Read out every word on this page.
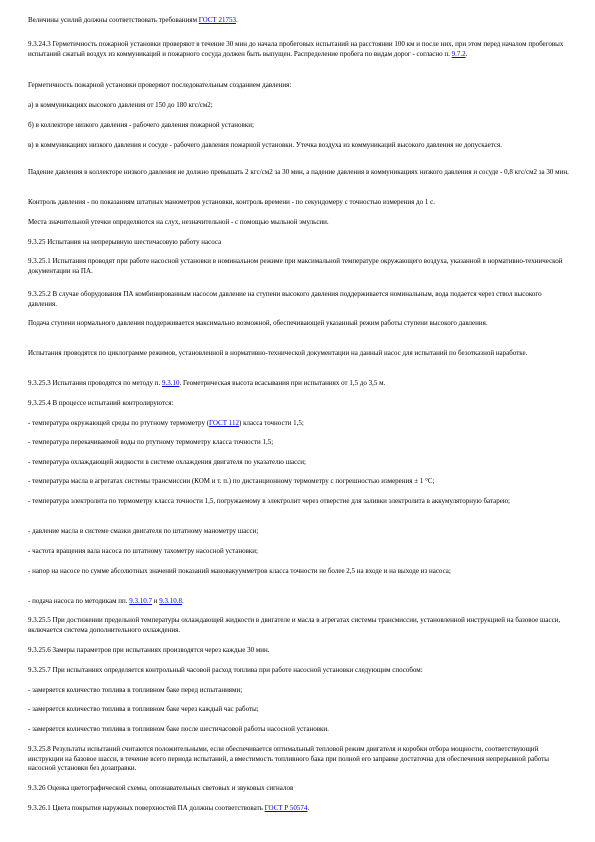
Величины усилий должны соответствовать требованиям ГОСТ 21753.

9.3.24.3 Герметичность пожарной установки проверяют в течение 30 мин до начала пробеговых испытаний на расстоянии 100 км и после них, при этом перед началом пробеговых испытаний сжатый воздух из коммуникаций и пожарного сосуда должен быть выпущен. Распределение пробега по видам дорог - согласно п. 9.7.2.

Герметичность пожарной установки проверяют последовательным созданием давления:

а) в коммуникациях высокого давления от 150 до 180 кгс/см2;

б) в коллекторе низкого давления - рабочего давления пожарной установки;

в) в коммуникациях низкого давления и сосуде - рабочего давления пожарной установки. Утечка воздуха из коммуникаций высокого давления не допускается.

Падение давления в коллекторе низкого давления не должно превышать 2 кгс/см2 за 30 мин, а падение давления в коммуникациях низкого давления и сосуде - 0,8 кгс/см2 за 30 мин.

Контроль давления - по показаниям штатных манометров установки, контроль времени - по секундомеру с точностью измерения до 1 с.

Места значительной утечки определяются на слух, незначительной - с помощью мыльной эмульсии.

9.3.25 Испытания на непрерывную шестичасовую работу насоса

9.3.25.1 Испытания проводят при работе насосной установки в номинальном режиме при максимальной температуре окружающего воздуха, указанной в нормативно-технической документации на ПА.

9.3.25.2 В случае оборудования ПА комбинированным насосом давление на ступени высокого давления поддерживается номинальным, вода подается через ствол высокого давления.

Подача ступени нормального давления поддерживается максимально возможной, обеспечивающей указанный режим работы ступени высокого давления.

Испытания проводятся по циклограмме режимов, установленной в нормативно-технической документации на данный насос для испытаний по безотказной наработке.

9.3.25.3 Испытания проводятся по методу п. 9.3.10. Геометрическая высота всасывания при испытаниях от 1,5 до 3,5 м.

9.3.25.4 В процессе испытаний контролируются:

- температура окружающей среды по ртутному термометру (ГОСТ 112) класса точности 1,5;

- температура перекачиваемой воды по ртутному термометру класса точности 1,5;

- температура охлаждающей жидкости в системе охлаждения двигателя по указателю шасси;

- температура масла в агрегатах системы трансмиссии (КОМ и т. п.) по дистанционному термометру с погрешностью измерения ± 1 °С;

- температура электролита по термометру класса точности 1,5, погружаемому в электролит через отверстие для заливки электролита в аккумуляторную батарею;

- давление масла в системе смазки двигателя по штатному манометру шасси;

- частота вращения вала насоса по штатному тахометру насосной установки;

- напор на насосе по сумме абсолютных значений показаний мановакуумметров класса точности не более 2,5 на входе и на выходе из насоса;

- подача насоса по методикам пп. 9.3.10.7 и 9.3.10.8.

9.3.25.5 При достижении предельной температуры охлаждающей жидкости в двигателе и масла в агрегатах системы трансмиссии, установленной инструкцией на базовое шасси, включается система дополнительного охлаждения.

9.3.25.6 Замеры параметров при испытаниях производятся через каждые 30 мин.

9.3.25.7 При испытаниях определяется контрольный часовой расход топлива при работе насосной установки следующим способом:

- замеряется количество топлива в топливном баке перед испытаниями;

- замеряется количество топлива в топливном баке через каждый час работы;

- замеряется количество топлива в топливном баке после шестичасовой работы насосной установки.

9.3.25.8 Результаты испытаний считаются положительными, если обеспечивается оптимальный тепловой режим двигателя и коробки отбора мощности, соответствующий инструкции на базовое шасси, в течение всего периода испытаний, а вместимость топливного бака при полной его заправке достаточна для обеспечения непрерывной работы насосной установки без дозаправки.

9.3.26 Оценка цветографической схемы, опознавательных световых и звуковых сигналов

9.3.26.1 Цвета покрытия наружных поверхностей ПА должны соответствовать ГОСТ Р 50574.
